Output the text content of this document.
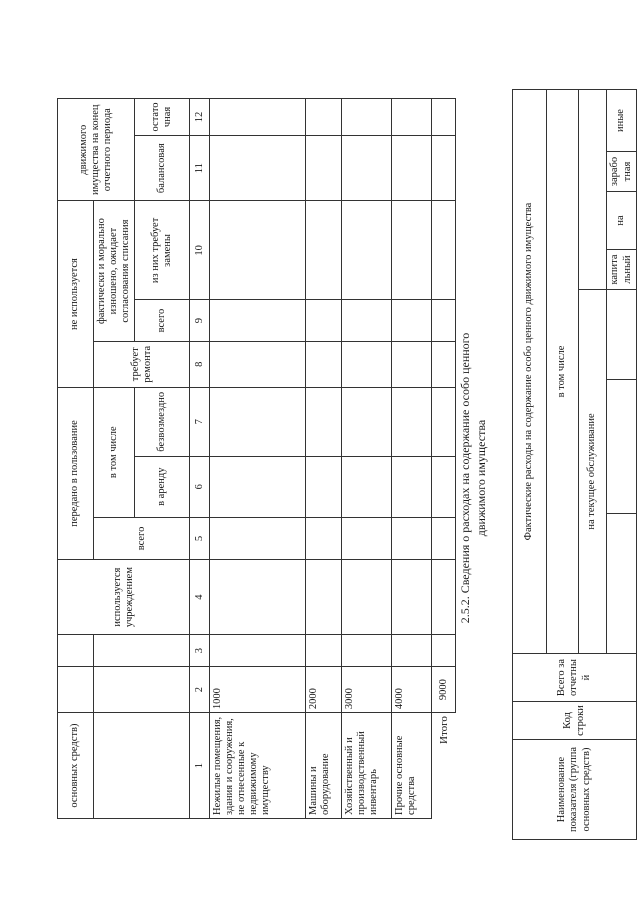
	основных средств)			используется учреждением	передано в пользование			не используется			движимого имущества на конец отчетного периода	
					всего	в том числе		требует ремонта	фактически и морально изношено, ожидает согласования списания			
						в аренду	безвозмездно		всего	из них требует замены	балансовая	остаточная
	1	2	3	4	5	6	7	8	9	10	11	12
	Нежилые помещения, здания и сооружения, не отнесенные к недвижимому имуществу	1000										
	Машины и оборудование	2000										
	Хозяйственный и производственный инвентарь	3000										
	Прочие основные средства	4000										
	Итого	9000										
2.5.2. Сведения о расходах на содержание особо ценного движимого имущества
Наименование показателя (группа основных средств)	Код строки	Всего за отчетный	Фактические расходы на содержание особо ценного движимого имущества						
			в том числе						
			на текущее обслуживание						
						капитальный	на	заработная	иные
